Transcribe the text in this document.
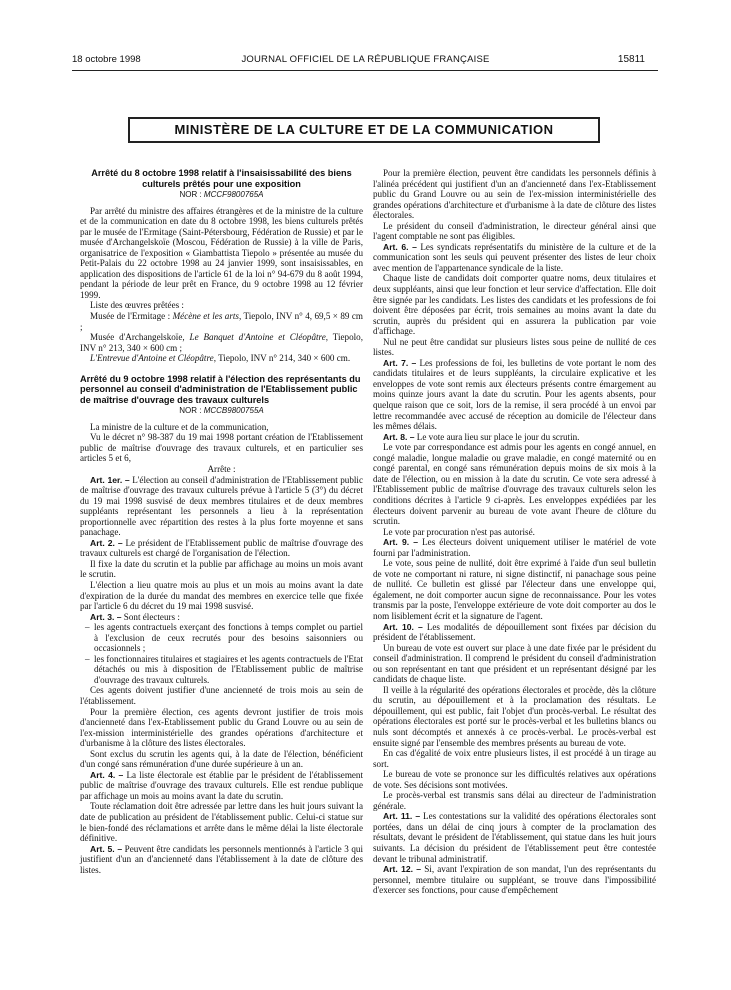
18 octobre 1998	JOURNAL OFFICIEL DE LA RÉPUBLIQUE FRANÇAISE	15811
MINISTÈRE DE LA CULTURE ET DE LA COMMUNICATION

Arrêté du 8 octobre 1998 relatif à l'insaisissabilité des biens culturels prêtés pour une exposition

NOR : MCCF9800765A

Par arrêté du ministre des affaires étrangères et de la ministre de la culture et de la communication en date du 8 octobre 1998, les biens culturels prêtés par le musée de l'Ermitage (Saint-Pétersbourg, Fédération de Russie) et par le musée d'Archangelskoïe (Moscou, Fédération de Russie) à la ville de Paris, organisatrice de l'exposition « Giambattista Tiepolo » présentée au musée du Petit-Palais du 22 octobre 1998 au 24 janvier 1999, sont insaisissables, en application des dispositions de l'article 61 de la loi n° 94-679 du 8 août 1994, pendant la période de leur prêt en France, du 9 octobre 1998 au 12 février 1999.

Liste des œuvres prêtées :

Musée de l'Ermitage : Mécène et les arts, Tiepolo, INV n° 4, 69,5 × 89 cm ;

Musée d'Archangelskoïe, Le Banquet d'Antoine et Cléopâtre, Tiepolo, INV n° 213, 340 × 600 cm ;

L'Entrevue d'Antoine et Cléopâtre, Tiepolo, INV n° 214, 340 × 600 cm.

Arrêté du 9 octobre 1998 relatif à l'élection des représentants du personnel au conseil d'administration de l'Etablissement public de maîtrise d'ouvrage des travaux culturels

NOR : MCCB9800755A

La ministre de la culture et de la communication,

Vu le décret n° 98-387 du 19 mai 1998 portant création de l'Etablissement public de maîtrise d'ouvrage des travaux culturels, et en particulier ses articles 5 et 6,

Arrête :

Art. 1er. – L'élection au conseil d'administration de l'Etablissement public de maîtrise d'ouvrage des travaux culturels prévue à l'article 5 (3°) du décret du 19 mai 1998 susvisé de deux membres titulaires et de deux membres suppléants représentant les personnels a lieu à la représentation proportionnelle avec répartition des restes à la plus forte moyenne et sans panachage.

Art. 2. – Le président de l'Etablissement public de maîtrise d'ouvrage des travaux culturels est chargé de l'organisation de l'élection.

Il fixe la date du scrutin et la publie par affichage au moins un mois avant le scrutin.

L'élection a lieu quatre mois au plus et un mois au moins avant la date d'expiration de la durée du mandat des membres en exercice telle que fixée par l'article 6 du décret du 19 mai 1998 susvisé.

Art. 3. – Sont électeurs :

– les agents contractuels exerçant des fonctions à temps complet ou partiel à l'exclusion de ceux recrutés pour des besoins saisonniers ou occasionnels ;
– les fonctionnaires titulaires et stagiaires et les agents contractuels de l'Etat détachés ou mis à disposition de l'Etablissement public de maîtrise d'ouvrage des travaux culturels.

Ces agents doivent justifier d'une ancienneté de trois mois au sein de l'établissement.

Pour la première élection, ces agents devront justifier de trois mois d'ancienneté dans l'ex-Etablissement public du Grand Louvre ou au sein de l'ex-mission interministérielle des grandes opérations d'architecture et d'urbanisme à la clôture des listes électorales.

Sont exclus du scrutin les agents qui, à la date de l'élection, bénéficient d'un congé sans rémunération d'une durée supérieure à un an.

Art. 4. – La liste électorale est établie par le président de l'établissement public de maîtrise d'ouvrage des travaux culturels. Elle est rendue publique par affichage un mois au moins avant la date du scrutin.

Toute réclamation doit être adressée par lettre dans les huit jours suivant la date de publication au président de l'établissement public. Celui-ci statue sur le bien-fondé des réclamations et arrête dans le même délai la liste électorale définitive.

Art. 5. – Peuvent être candidats les personnels mentionnés à l'article 3 qui justifient d'un an d'ancienneté dans l'établissement à la date de clôture des listes.

Pour la première élection, peuvent être candidats les personnels définis à l'alinéa précédent qui justifient d'un an d'ancienneté dans l'ex-Etablissement public du Grand Louvre ou au sein de l'ex-mission interministérielle des grandes opérations d'architecture et d'urbanisme à la date de clôture des listes électorales.

Le président du conseil d'administration, le directeur général ainsi que l'agent comptable ne sont pas éligibles.

Art. 6. – Les syndicats représentatifs du ministère de la culture et de la communication sont les seuls qui peuvent présenter des listes de leur choix avec mention de l'appartenance syndicale de la liste.

Chaque liste de candidats doit comporter quatre noms, deux titulaires et deux suppléants, ainsi que leur fonction et leur service d'affectation. Elle doit être signée par les candidats. Les listes des candidats et les professions de foi doivent être déposées par écrit, trois semaines au moins avant la date du scrutin, auprès du président qui en assurera la publication par voie d'affichage.

Nul ne peut être candidat sur plusieurs listes sous peine de nullité de ces listes.

Art. 7. – Les professions de foi, les bulletins de vote portant le nom des candidats titulaires et de leurs suppléants, la circulaire explicative et les enveloppes de vote sont remis aux électeurs présents contre émargement au moins quinze jours avant la date du scrutin. Pour les agents absents, pour quelque raison que ce soit, lors de la remise, il sera procédé à un envoi par lettre recommandée avec accusé de réception au domicile de l'électeur dans les mêmes délais.

Art. 8. – Le vote aura lieu sur place le jour du scrutin.

Le vote par correspondance est admis pour les agents en congé annuel, en congé maladie, longue maladie ou grave maladie, en congé maternité ou en congé parental, en congé sans rémunération depuis moins de six mois à la date de l'élection, ou en mission à la date du scrutin. Ce vote sera adressé à l'Etablissement public de maîtrise d'ouvrage des travaux culturels selon les conditions décrites à l'article 9 ci-après. Les enveloppes expédiées par les électeurs doivent parvenir au bureau de vote avant l'heure de clôture du scrutin.

Le vote par procuration n'est pas autorisé.

Art. 9. – Les électeurs doivent uniquement utiliser le matériel de vote fourni par l'administration.

Le vote, sous peine de nullité, doit être exprimé à l'aide d'un seul bulletin de vote ne comportant ni rature, ni signe distinctif, ni panachage sous peine de nullité. Ce bulletin est glissé par l'électeur dans une enveloppe qui, également, ne doit comporter aucun signe de reconnaissance. Pour les votes transmis par la poste, l'enveloppe extérieure de vote doit comporter au dos le nom lisiblement écrit et la signature de l'agent.

Art. 10. – Les modalités de dépouillement sont fixées par décision du président de l'établissement.

Un bureau de vote est ouvert sur place à une date fixée par le président du conseil d'administration. Il comprend le président du conseil d'administration ou son représentant en tant que président et un représentant désigné par les candidats de chaque liste.

Il veille à la régularité des opérations électorales et procède, dès la clôture du scrutin, au dépouillement et à la proclamation des résultats. Le dépouillement, qui est public, fait l'objet d'un procès-verbal. Le résultat des opérations électorales est porté sur le procès-verbal et les bulletins blancs ou nuls sont décomptés et annexés à ce procès-verbal. Le procès-verbal est ensuite signé par l'ensemble des membres présents au bureau de vote.

En cas d'égalité de voix entre plusieurs listes, il est procédé à un tirage au sort.

Le bureau de vote se prononce sur les difficultés relatives aux opérations de vote. Ses décisions sont motivées.

Le procès-verbal est transmis sans délai au directeur de l'administration générale.

Art. 11. – Les contestations sur la validité des opérations électorales sont portées, dans un délai de cinq jours à compter de la proclamation des résultats, devant le président de l'établissement, qui statue dans les huit jours suivants. La décision du président de l'établissement peut être contestée devant le tribunal administratif.

Art. 12. – Si, avant l'expiration de son mandat, l'un des représentants du personnel, membre titulaire ou suppléant, se trouve dans l'impossibilité d'exercer ses fonctions, pour cause d'empêchement
